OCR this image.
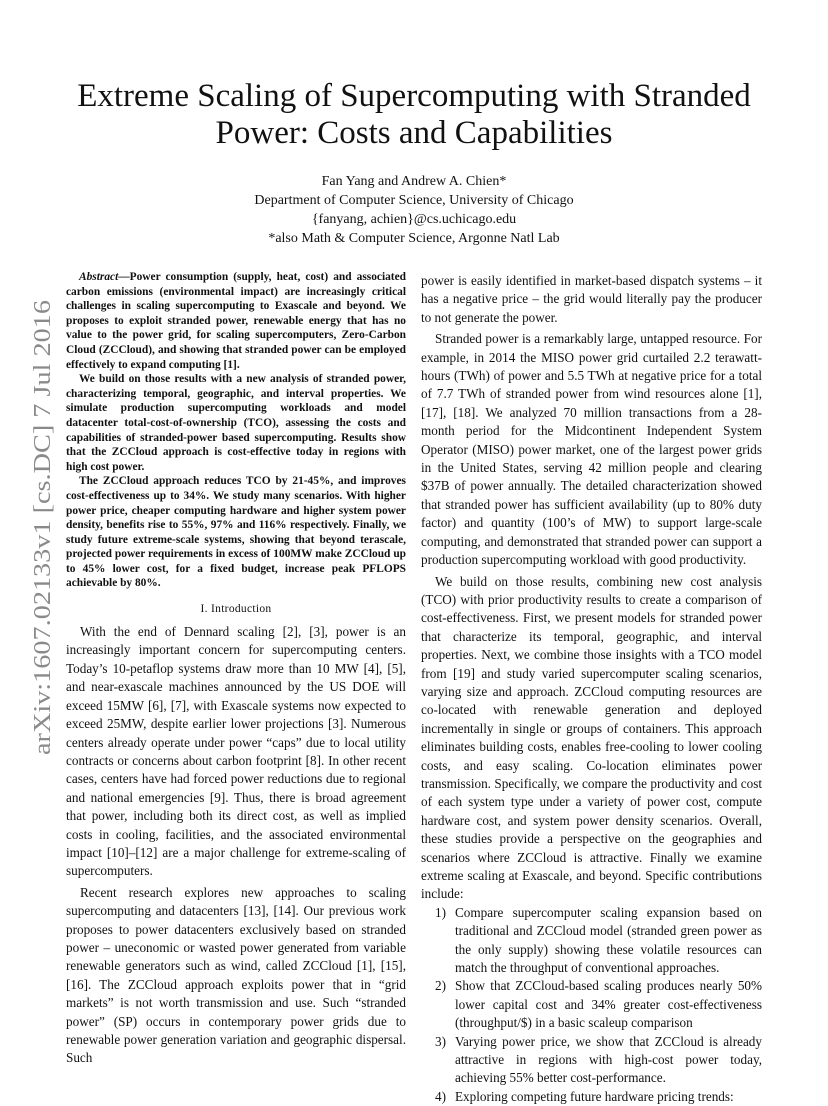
arXiv:1607.02133v1 [cs.DC] 7 Jul 2016
Extreme Scaling of Supercomputing with Stranded
Power: Costs and Capabilities
Fan Yang and Andrew A. Chien*
Department of Computer Science, University of Chicago
{fanyang, achien}@cs.uchicago.edu
*also Math & Computer Science, Argonne Natl Lab

Abstract—Power consumption (supply, heat, cost) and associated carbon emissions (environmental impact) are increasingly critical challenges in scaling supercomputing to Exascale and beyond. We proposes to exploit stranded power, renewable energy that has no value to the power grid, for scaling supercomputers, Zero-Carbon Cloud (ZCCloud), and showing that stranded power can be employed effectively to expand computing [1].

We build on those results with a new analysis of stranded power, characterizing temporal, geographic, and interval properties. We simulate production supercomputing workloads and model datacenter total-cost-of-ownership (TCO), assessing the costs and capabilities of stranded-power based supercomputing. Results show that the ZCCloud approach is cost-effective today in regions with high cost power.

The ZCCloud approach reduces TCO by 21-45%, and improves cost-effectiveness up to 34%. We study many scenarios. With higher power price, cheaper computing hardware and higher system power density, benefits rise to 55%, 97% and 116% respectively. Finally, we study future extreme-scale systems, showing that beyond terascale, projected power requirements in excess of 100MW make ZCCloud up to 45% lower cost, for a fixed budget, increase peak PFLOPS achievable by 80%.

I. Introduction

With the end of Dennard scaling [2], [3], power is an increasingly important concern for supercomputing centers. Today’s 10-petaflop systems draw more than 10 MW [4], [5], and near-exascale machines announced by the US DOE will exceed 15MW [6], [7], with Exascale systems now expected to exceed 25MW, despite earlier lower projections [3]. Numerous centers already operate under power “caps” due to local utility contracts or concerns about carbon footprint [8]. In other recent cases, centers have had forced power reductions due to regional and national emergencies [9]. Thus, there is broad agreement that power, including both its direct cost, as well as implied costs in cooling, facilities, and the associated environmental impact [10]–[12] are a major challenge for extreme-scaling of supercomputers.

Recent research explores new approaches to scaling supercomputing and datacenters [13], [14]. Our previous work proposes to power datacenters exclusively based on stranded power – uneconomic or wasted power generated from variable renewable generators such as wind, called ZCCloud [1], [15], [16]. The ZCCloud approach exploits power that in “grid markets” is not worth transmission and use. Such “stranded power” (SP) occurs in contemporary power grids due to renewable power generation variation and geographic dispersal. Such

power is easily identified in market-based dispatch systems – it has a negative price – the grid would literally pay the producer to not generate the power.

Stranded power is a remarkably large, untapped resource. For example, in 2014 the MISO power grid curtailed 2.2 terawatt-hours (TWh) of power and 5.5 TWh at negative price for a total of 7.7 TWh of stranded power from wind resources alone [1], [17], [18]. We analyzed 70 million transactions from a 28-month period for the Midcontinent Independent System Operator (MISO) power market, one of the largest power grids in the United States, serving 42 million people and clearing $37B of power annually. The detailed characterization showed that stranded power has sufficient availability (up to 80% duty factor) and quantity (100’s of MW) to support large-scale computing, and demonstrated that stranded power can support a production supercomputing workload with good productivity.

We build on those results, combining new cost analysis (TCO) with prior productivity results to create a comparison of cost-effectiveness. First, we present models for stranded power that characterize its temporal, geographic, and interval properties. Next, we combine those insights with a TCO model from [19] and study varied supercomputer scaling scenarios, varying size and approach. ZCCloud computing resources are co-located with renewable generation and deployed incrementally in single or groups of containers. This approach eliminates building costs, enables free-cooling to lower cooling costs, and easy scaling. Co-location eliminates power transmission. Specifically, we compare the productivity and cost of each system type under a variety of power cost, compute hardware cost, and system power density scenarios. Overall, these studies provide a perspective on the geographies and scenarios where ZCCloud is attractive. Finally we examine extreme scaling at Exascale, and beyond. Specific contributions include:

1) Compare supercomputer scaling expansion based on traditional and ZCCloud model (stranded green power as the only supply) showing these volatile resources can match the throughput of conventional approaches.
2) Show that ZCCloud-based scaling produces nearly 50% lower capital cost and 34% greater cost-effectiveness (throughput/$) in a basic scaleup comparison
3) Varying power price, we show that ZCCloud is already attractive in regions with high-cost power today, achieving 55% better cost-performance.
4) Exploring competing future hardware pricing trends:
